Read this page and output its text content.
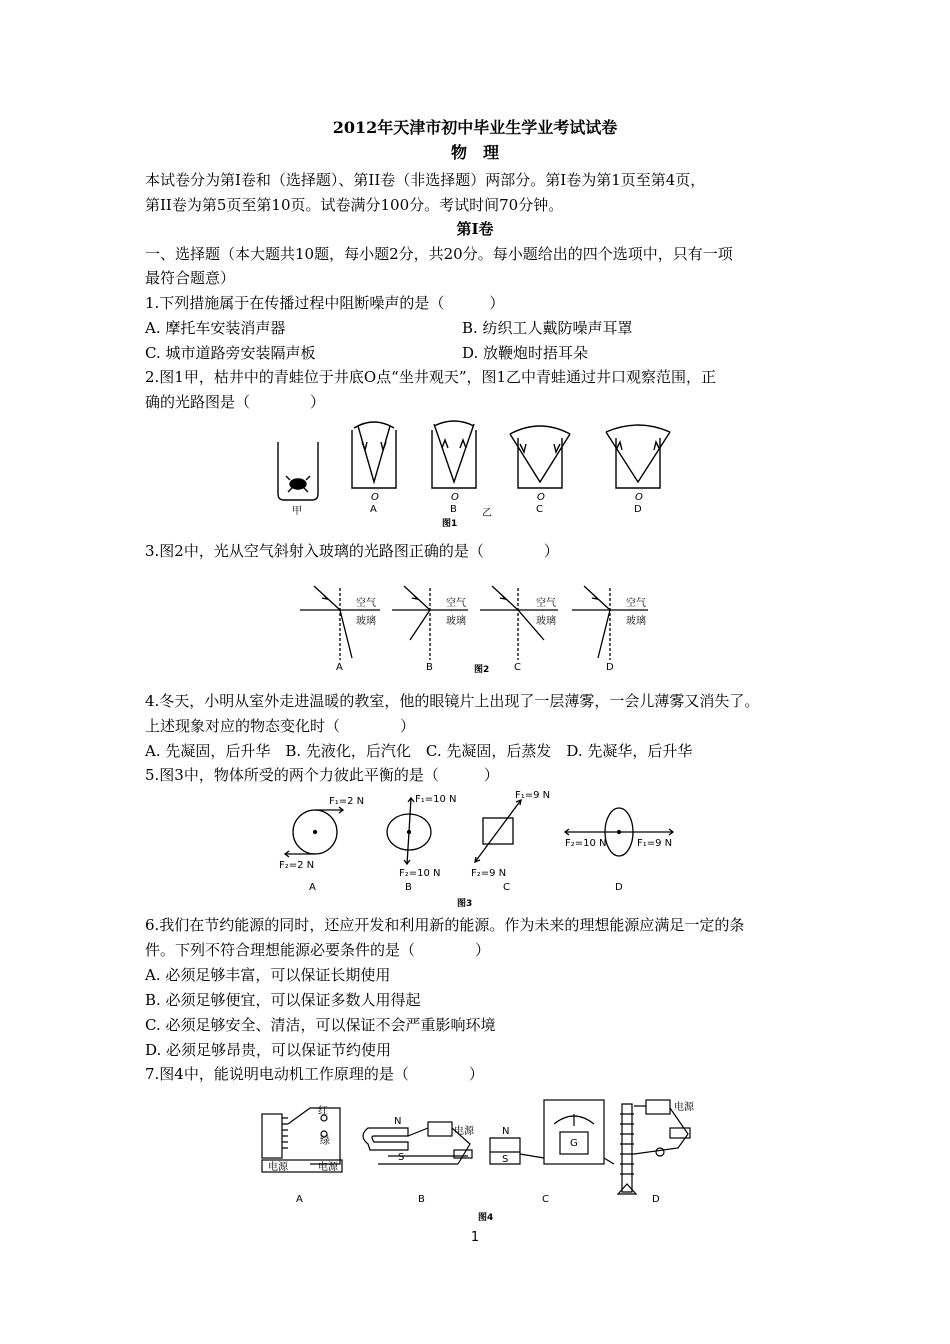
2012年天津市初中毕业生学业考试试卷
物　理
本试卷分为第Ⅰ卷和（选择题）、第II卷（非选择题）两部分。第Ⅰ卷为第1页至第4页，
第II卷为第5页至第10页。试卷满分100分。考试时间70分钟。
第Ⅰ卷
一、选择题（本大题共10题，每小题2分，共20分。每小题给出的四个选项中，只有一项
最符合题意）
1.下列措施属于在传播过程中阻断噪声的是（　　　）
A. 摩托车安装消声器	B. 纺织工人戴防噪声耳罩
C. 城市道路旁安装隔声板	D. 放鞭炮时捂耳朵
2.图1甲，枯井中的青蛙位于井底O点“坐井观天”，图1乙中青蛙通过井口观察范围，正
确的光路图是（　　　　）
甲
O	O	O	O
A	B	乙	C	D
图1
3.图2中，光从空气斜射入玻璃的光路图正确的是（　　　　）
空气
玻璃
空气
玻璃
空气
玻璃
空气
玻璃
A	B	C	D
图2
4.冬天，小明从室外走进温暖的教室，他的眼镜片上出现了一层薄雾，一会儿薄雾又消失了。
上述现象对应的物态变化时（　　　　）
A. 先凝固，后升华　B. 先液化，后汽化　C. 先凝固，后蒸发　D. 先凝华，后升华
5.图3中，物体所受的两个力彼此平衡的是（　　　）
F₁=2 N
F₂=2 N
F₁=10 N
F₂=10 N
F₁=9 N
F₂=9 N
F₂=10 N	F₁=9 N
A	B	C	D
图3
6.我们在节约能源的同时，还应开发和利用新的能源。作为未来的理想能源应满足一定的条
件。下列不符合理想能源必要条件的是（　　　　）
A. 必须足够丰富，可以保证长期使用
B. 必须足够便宜，可以保证多数人用得起
C. 必须足够安全、清洁，可以保证不会严重影响环境
D. 必须足够昂贵，可以保证节约使用
7.图4中，能说明电动机工作原理的是（　　　　）
红
绿
电源	电源
N
S
电源	N
S
G
电源
A	B	C	D
图4
1
